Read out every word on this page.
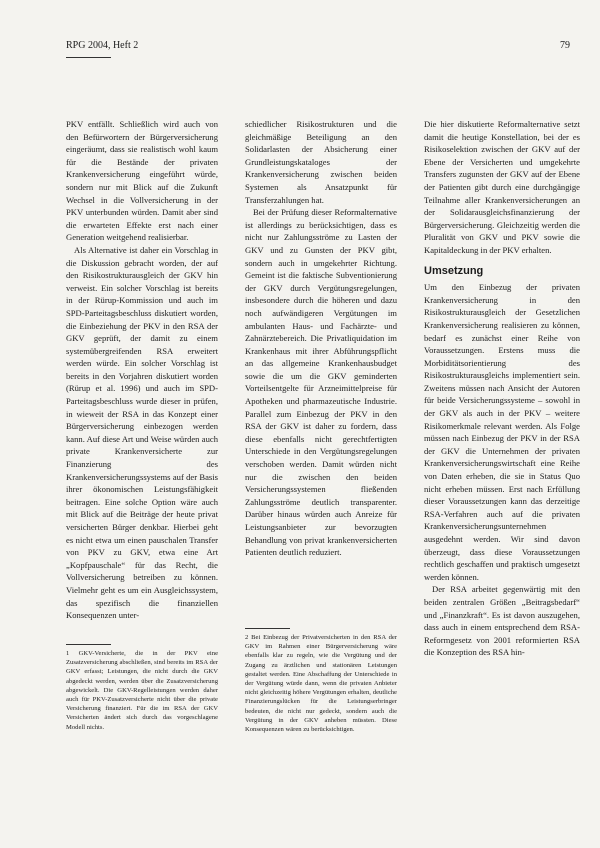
RPG 2004, Heft 2	79

PKV entfällt. Schließlich wird auch von den Befürwortern der Bürgerversicherung eingeräumt, dass sie realistisch wohl kaum für die Bestände der privaten Krankenversicherung eingeführt würde, sondern nur mit Blick auf die Zukunft Wechsel in die Vollversicherung in der PKV unterbunden würden. Damit aber sind die erwarteten Effekte erst nach einer Generation weitgehend realisierbar.

Als Alternative ist daher ein Vorschlag in die Diskussion gebracht worden, der auf den Risikostrukturausgleich der GKV hin verweist. Ein solcher Vorschlag ist bereits in der Rürup-Kommission und auch im SPD-Parteitagsbeschluss diskutiert worden, die Einbeziehung der PKV in den RSA der GKV geprüft, der damit zu einem systemübergreifenden RSA erweitert werden würde. Ein solcher Vorschlag ist bereits in den Vorjahren diskutiert worden (Rürup et al. 1996) und auch im SPD-Parteitagsbeschluss wurde dieser in prüfen, in wieweit der RSA in das Konzept einer Bürgerversicherung einbezogen werden kann. Auf diese Art und Weise würden auch private Krankenversicherte zur Finanzierung des Krankenversicherungssystems auf der Basis ihrer ökonomischen Leistungsfähigkeit beitragen. Eine solche Option wäre auch mit Blick auf die Beiträge der heute privat versicherten Bürger denkbar. Hierbei geht es nicht etwa um einen pauschalen Transfer von PKV zu GKV, etwa eine Art „Kopfpauschale“ für das Recht, die Vollversicherung betreiben zu können. Vielmehr geht es um ein Ausgleichssystem, das spezifisch die finanziellen Konsequenzen unter-

schiedlicher Risikostrukturen und die gleichmäßige Beteiligung an den Solidarlasten der Absicherung einer Grundleistungskataloges der Krankenversicherung zwischen beiden Systemen als Ansatzpunkt für Transferzahlungen hat.

Bei der Prüfung dieser Reformalternative ist allerdings zu berücksichtigen, dass es nicht nur Zahlungsströme zu Lasten der GKV und zu Gunsten der PKV gibt, sondern auch in umgekehrter Richtung. Gemeint ist die faktische Subventionierung der GKV durch Vergütungsregelungen, insbesondere durch die höheren und dazu noch aufwändigeren Vergütungen im ambulanten Haus- und Fachärzte- und Zahnärztebereich. Die Privatliquidation im Krankenhaus mit ihrer Abführungspflicht an das allgemeine Krankenhausbudget sowie die um die GKV geminderten Vorteilsentgelte für Arzneimittelpreise für Apotheken und pharmazeutische Industrie. Parallel zum Einbezug der PKV in den RSA der GKV ist daher zu fordern, dass diese ebenfalls nicht gerechtfertigten Unterschiede in den Vergütungsregelungen verschoben werden. Damit würden nicht nur die zwischen den beiden Versicherungssystemen fließenden Zahlungsströme deutlich transparenter. Darüber hinaus würden auch Anreize für Leistungsanbieter zur bevorzugten Behandlung von privat krankenversicherten Patienten deutlich reduziert.

Die hier diskutierte Reformalternative setzt damit die heutige Konstellation, bei der es Risikoselektion zwischen der GKV auf der Ebene der Versicherten und umgekehrte Transfers zugunsten der GKV auf der Ebene der Patienten gibt durch eine durchgängige Teilnahme aller Krankenversicherungen an der Solidarausgleichsfinanzierung der Bürgerversicherung. Gleichzeitig werden die Pluralität von GKV und PKV sowie die Kapitaldeckung in der PKV erhalten.

Umsetzung

Um den Einbezug der privaten Krankenversicherung in den Risikostrukturausgleich der Gesetzlichen Krankenversicherung realisieren zu können, bedarf es zunächst einer Reihe von Voraussetzungen. Erstens muss die Morbiditätsorientierung des Risikostrukturausgleichs implementiert sein. Zweitens müssen nach Ansicht der Autoren für beide Versicherungssysteme – sowohl in der GKV als auch in der PKV – weitere Risikomerkmale relevant werden. Als Folge müssen nach Einbezug der PKV in der RSA der GKV die Unternehmen der privaten Krankenversicherungswirtschaft eine Reihe von Daten erheben, die sie in Status Quo nicht erheben müssen. Erst nach Erfüllung dieser Voraussetzungen kann das derzeitige RSA-Verfahren auch auf die privaten Krankenversicherungsunternehmen ausgedehnt werden. Wir sind davon überzeugt, dass diese Voraussetzungen rechtlich geschaffen und praktisch umgesetzt werden können.

Der RSA arbeitet gegenwärtig mit den beiden zentralen Größen „Beitragsbedarf“ und „Finanzkraft“. Es ist davon auszugehen, dass auch in einem entsprechend dem RSA-Reformgesetz von 2001 reformierten RSA die Konzeption des RSA hin-

1 GKV-Versicherte, die in der PKV eine Zusatzversicherung abschließen, sind bereits im RSA der GKV erfasst; Leistungen, die nicht durch die GKV abgedeckt werden, werden über die Zusatzversicherung abgewickelt. Die GKV-Regelleistungen werden daher auch für PKV-Zusatzversicherte nicht über die private Versicherung finanziert. Für die im RSA der GKV Versicherten ändert sich durch das vorgeschlagene Modell nichts.

2 Bei Einbezug der Privatversicherten in den RSA der GKV im Rahmen einer Bürgerversicherung wäre ebenfalls klar zu regeln, wie die Vergütung und der Zugang zu ärztlichen und stationären Leistungen gestaltet werden. Eine Abschaffung der Unterschiede in der Vergütung würde dann, wenn die privaten Anbieter nicht gleichzeitig höhere Vergütungen erhalten, deutliche Finanzierungslücken für die Leistungserbringer bedeuten, die nicht nur gedeckt, sondern auch die Vergütung in der GKV anheben müssten. Diese Konsequenzen wären zu berücksichtigen.
